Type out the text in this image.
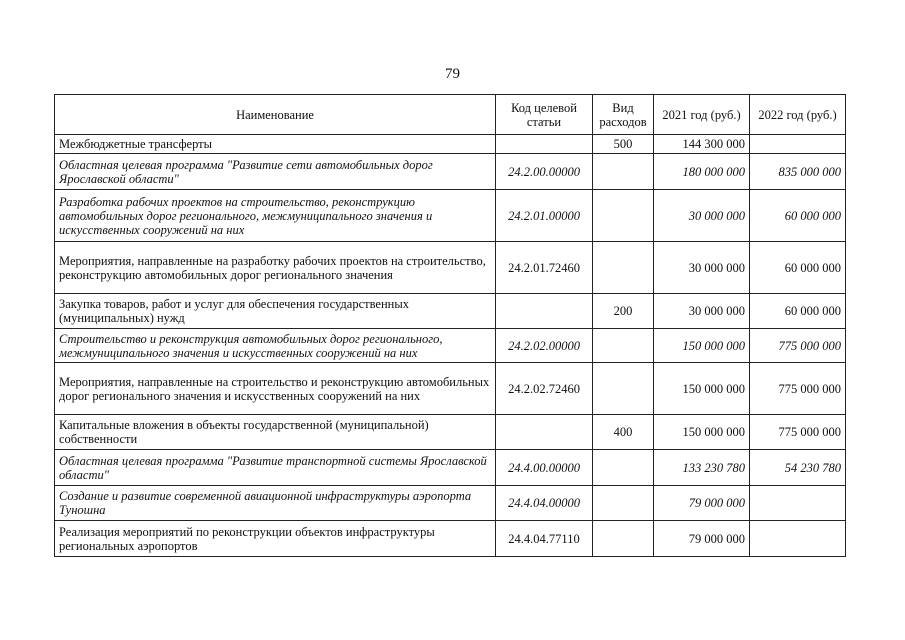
79
Наименование	Код целевой статьи	Вид расходов	2021 год (руб.)	2022 год (руб.)
Межбюджетные трансферты		500	144 300 000	
Областная целевая программа "Развитие сети автомобильных дорог Ярославской области"	24.2.00.00000		180 000 000	835 000 000
Разработка рабочих проектов на строительство, реконструкцию автомобильных дорог регионального, межмуниципального значения и искусственных сооружений на них	24.2.01.00000		30 000 000	60 000 000
Мероприятия, направленные на разработку рабочих проектов на строительство, реконструкцию автомобильных дорог регионального значения	24.2.01.72460		30 000 000	60 000 000
Закупка товаров, работ и услуг для обеспечения государственных (муниципальных) нужд		200	30 000 000	60 000 000
Строительство и реконструкция автомобильных дорог регионального, межмуниципального значения и искусственных сооружений на них	24.2.02.00000		150 000 000	775 000 000
Мероприятия, направленные на строительство и реконструкцию автомобильных дорог регионального значения и искусственных сооружений на них	24.2.02.72460		150 000 000	775 000 000
Капитальные вложения в объекты государственной (муниципальной) собственности		400	150 000 000	775 000 000
Областная целевая программа "Развитие транспортной системы Ярославской области"	24.4.00.00000		133 230 780	54 230 780
Создание и развитие современной авиационной инфраструктуры аэропорта Туношна	24.4.04.00000		79 000 000	
Реализация мероприятий по реконструкции объектов инфраструктуры региональных аэропортов	24.4.04.77110		79 000 000	
